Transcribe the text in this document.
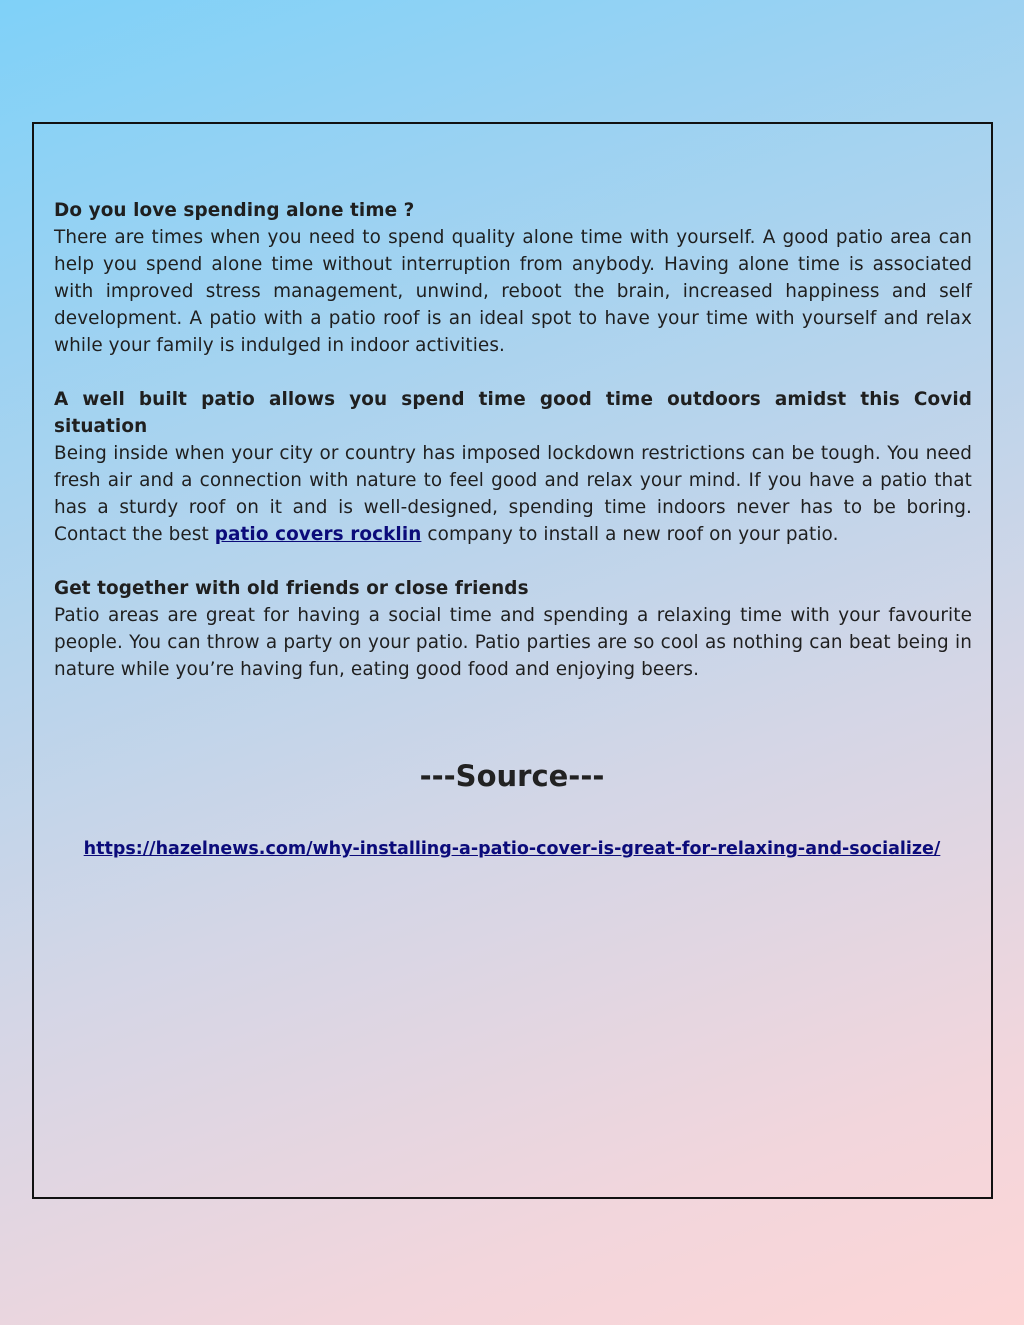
Do you love spending alone time ?

There are times when you need to spend quality alone time with yourself. A good patio area can help you spend alone time without interruption from anybody. Having alone time is associated with improved stress management, unwind, reboot the brain, increased happiness and self development. A patio with a patio roof is an ideal spot to have your time with yourself and relax while your family is indulged in indoor activities.

A well built patio allows you spend time good time outdoors amidst this Covid situation

Being inside when your city or country has imposed lockdown restrictions can be tough. You need fresh air and a connection with nature to feel good and relax your mind. If you have a patio that has a sturdy roof on it and is well-designed, spending time indoors never has to be boring. Contact the best patio covers rocklin company to install a new roof on your patio.

Get together with old friends or close friends

Patio areas are great for having a social time and spending a relaxing time with your favourite people. You can throw a party on your patio. Patio parties are so cool as nothing can beat being in nature while you’re having fun, eating good food and enjoying beers.

---Source---
https://hazelnews.com/why-installing-a-patio-cover-is-great-for-relaxing-and-socialize/
